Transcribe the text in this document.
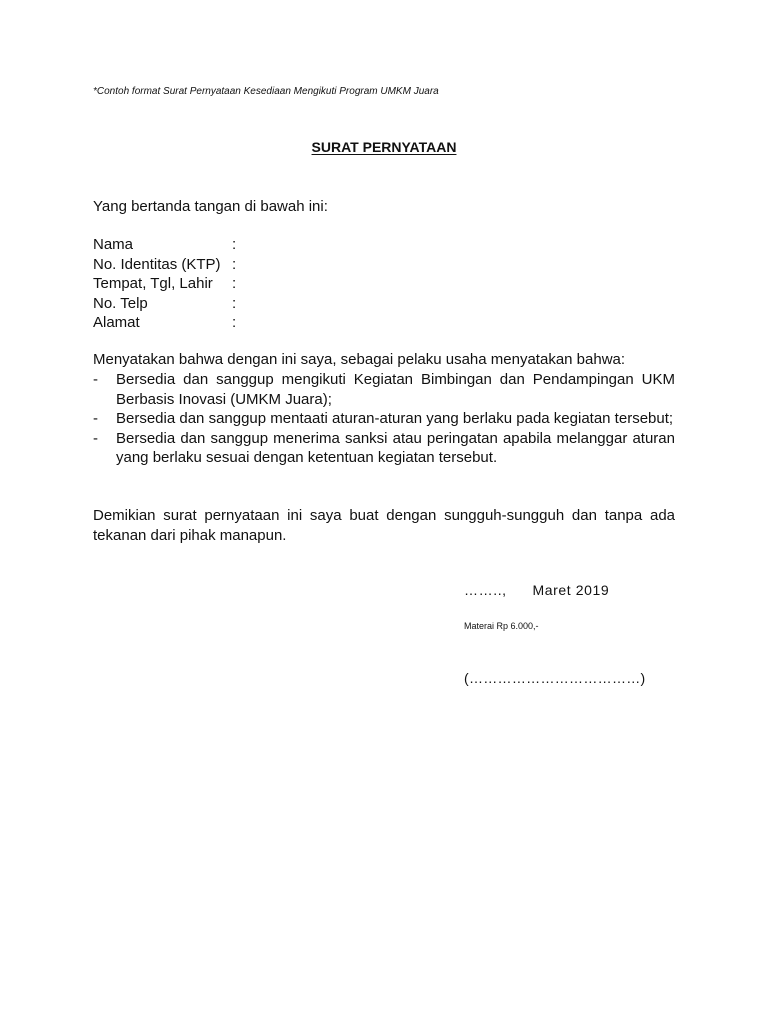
*Contoh format Surat Pernyataan Kesediaan Mengikuti Program UMKM Juara
SURAT PERNYATAAN
Yang bertanda tangan di bawah ini:
Nama	:
No. Identitas (KTP) :
Tempat, Tgl, Lahir :
No. Telp	:
Alamat	:
Menyatakan bahwa dengan ini saya, sebagai pelaku usaha menyatakan bahwa:
- Bersedia dan sanggup mengikuti Kegiatan Bimbingan dan Pendampingan UKM Berbasis Inovasi (UMKM Juara);
- Bersedia dan sanggup mentaati aturan-aturan yang berlaku pada kegiatan tersebut;
- Bersedia dan sanggup menerima sanksi atau peringatan apabila melanggar aturan yang berlaku sesuai dengan ketentuan kegiatan tersebut.
Demikian surat pernyataan ini saya buat dengan sungguh-sungguh dan tanpa ada tekanan dari pihak manapun.
…….., Maret 2019
Materai Rp 6.000,-
(………………………………)
